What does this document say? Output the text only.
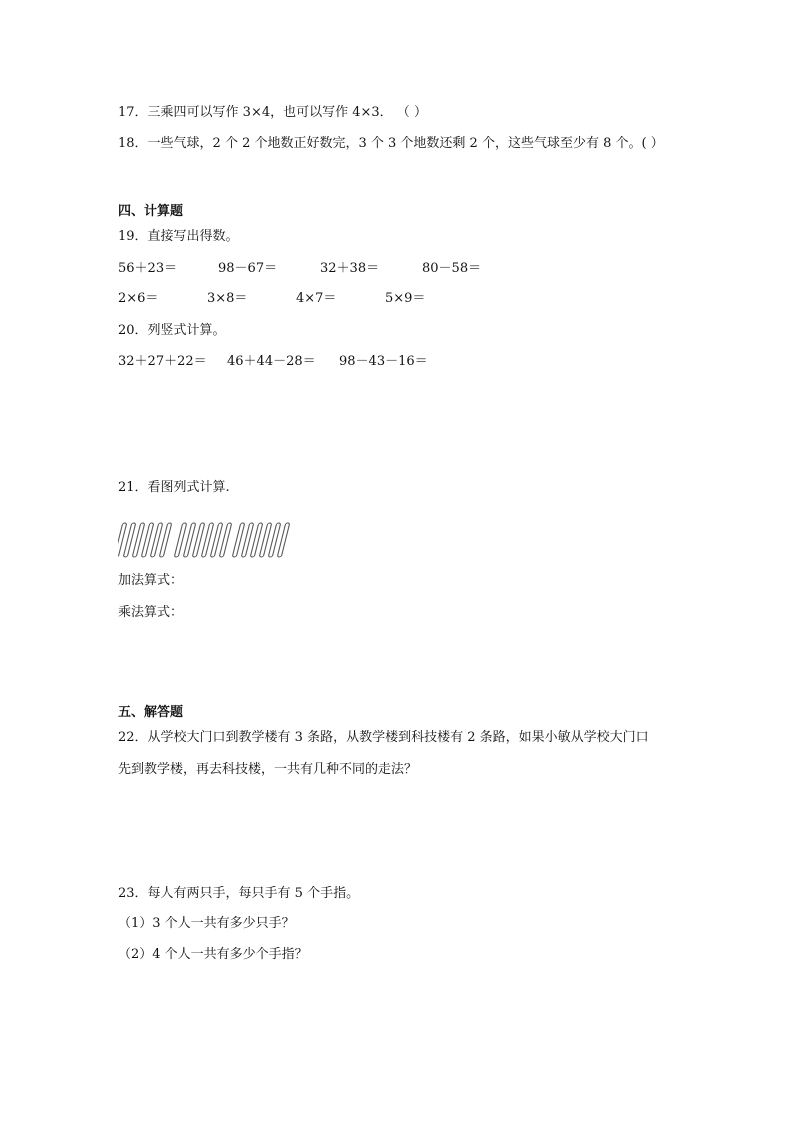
17．三乘四可以写作 3×4，也可以写作 4×3． （ ）
18．一些气球，2 个 2 个地数正好数完，3 个 3 个地数还剩 2 个，这些气球至少有 8 个。( ）
四、计算题
19．直接写出得数。
56＋23＝	98－67＝	32＋38＝	80－58＝
2×6＝	3×8＝	4×7＝	5×9＝
20．列竖式计算。
32＋27＋22＝ 46＋44－28＝ 98－43－16＝
21．看图列式计算.
加法算式：
乘法算式：
五、解答题
22．从学校大门口到教学楼有 3 条路，从教学楼到科技楼有 2 条路，如果小敏从学校大门口
先到教学楼，再去科技楼，一共有几种不同的走法？
23．每人有两只手，每只手有 5 个手指。
（1）3 个人一共有多少只手？
（2）4 个人一共有多少个手指？
